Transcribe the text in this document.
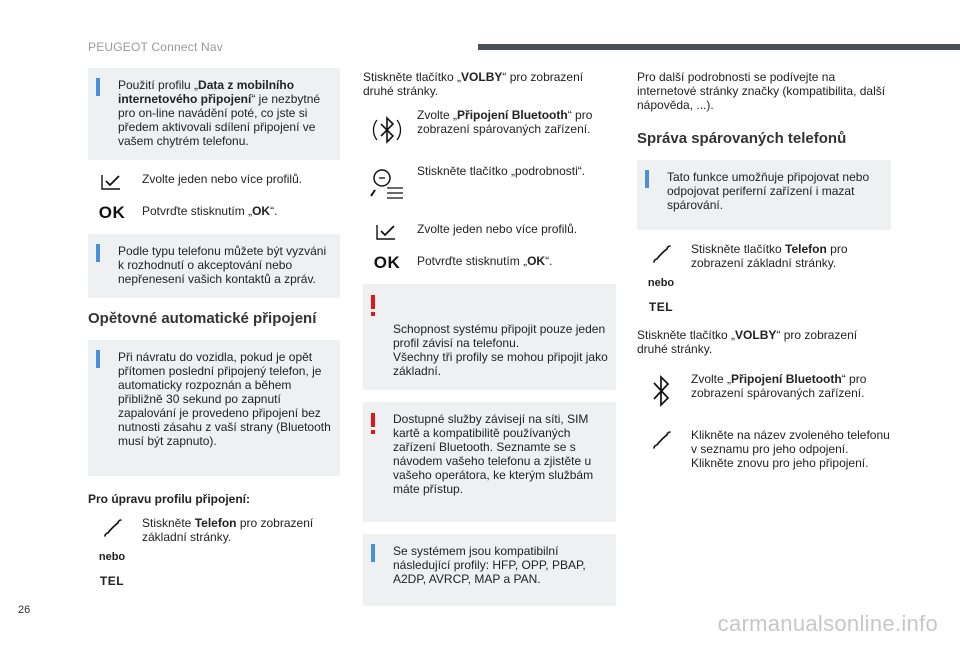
PEUGEOT Connect Nav
Použití profilu „Data z mobilního internetového připojení“ je nezbytné pro on-line navádění poté, co jste si předem aktivovali sdílení připojení ve vašem chytrém telefonu.
Zvolte jeden nebo více profilů.
OK	Potvrďte stisknutím „OK“.
Podle typu telefonu můžete být vyzváni k rozhodnutí o akceptování nebo nepřenesení vašich kontaktů a zpráv.
Opětovné automatické připojení
Při návratu do vozidla, pokud je opět přítomen poslední připojený telefon, je automaticky rozpoznán a během přibližně 30 sekund po zapnutí zapalování je provedeno připojení bez nutnosti zásahu z vaší strany (Bluetooth musí být zapnuto).
Pro úpravu profilu připojení:
nebo
TEL
Stiskněte Telefon pro zobrazení základní stránky.
Stiskněte tlačítko „VOLBY“ pro zobrazení druhé stránky.
Zvolte „Připojení Bluetooth“ pro zobrazení spárovaných zařízení.
Stiskněte tlačítko „podrobnosti“.
Zvolte jeden nebo více profilů.
OK	Potvrďte stisknutím „OK“.

Schopnost systému připojit pouze jeden profil závisí na telefonu.
Všechny tři profily se mohou připojit jako základní.

Dostupné služby závisejí na síti, SIM kartě a kompatibilitě používaných zařízení Bluetooth. Seznamte se s návodem vašeho telefonu a zjistěte u vašeho operátora, ke kterým službám máte přístup.
Se systémem jsou kompatibilní následující profily: HFP, OPP, PBAP, A2DP, AVRCP, MAP a PAN.
Pro další podrobnosti se podívejte na internetové stránky značky (kompatibilita, další nápověda, ...).
Správa spárovaných telefonů
Tato funkce umožňuje připojovat nebo odpojovat periferní zařízení i mazat spárování.
nebo
TEL
Stiskněte tlačítko Telefon pro zobrazení základní stránky.
Stiskněte tlačítko „VOLBY“ pro zobrazení druhé stránky.
Zvolte „Připojení Bluetooth“ pro zobrazení spárovaných zařízení.
Klikněte na název zvoleného telefonu v seznamu pro jeho odpojení.
Klikněte znovu pro jeho připojení.
26
carmanualsonline.info
